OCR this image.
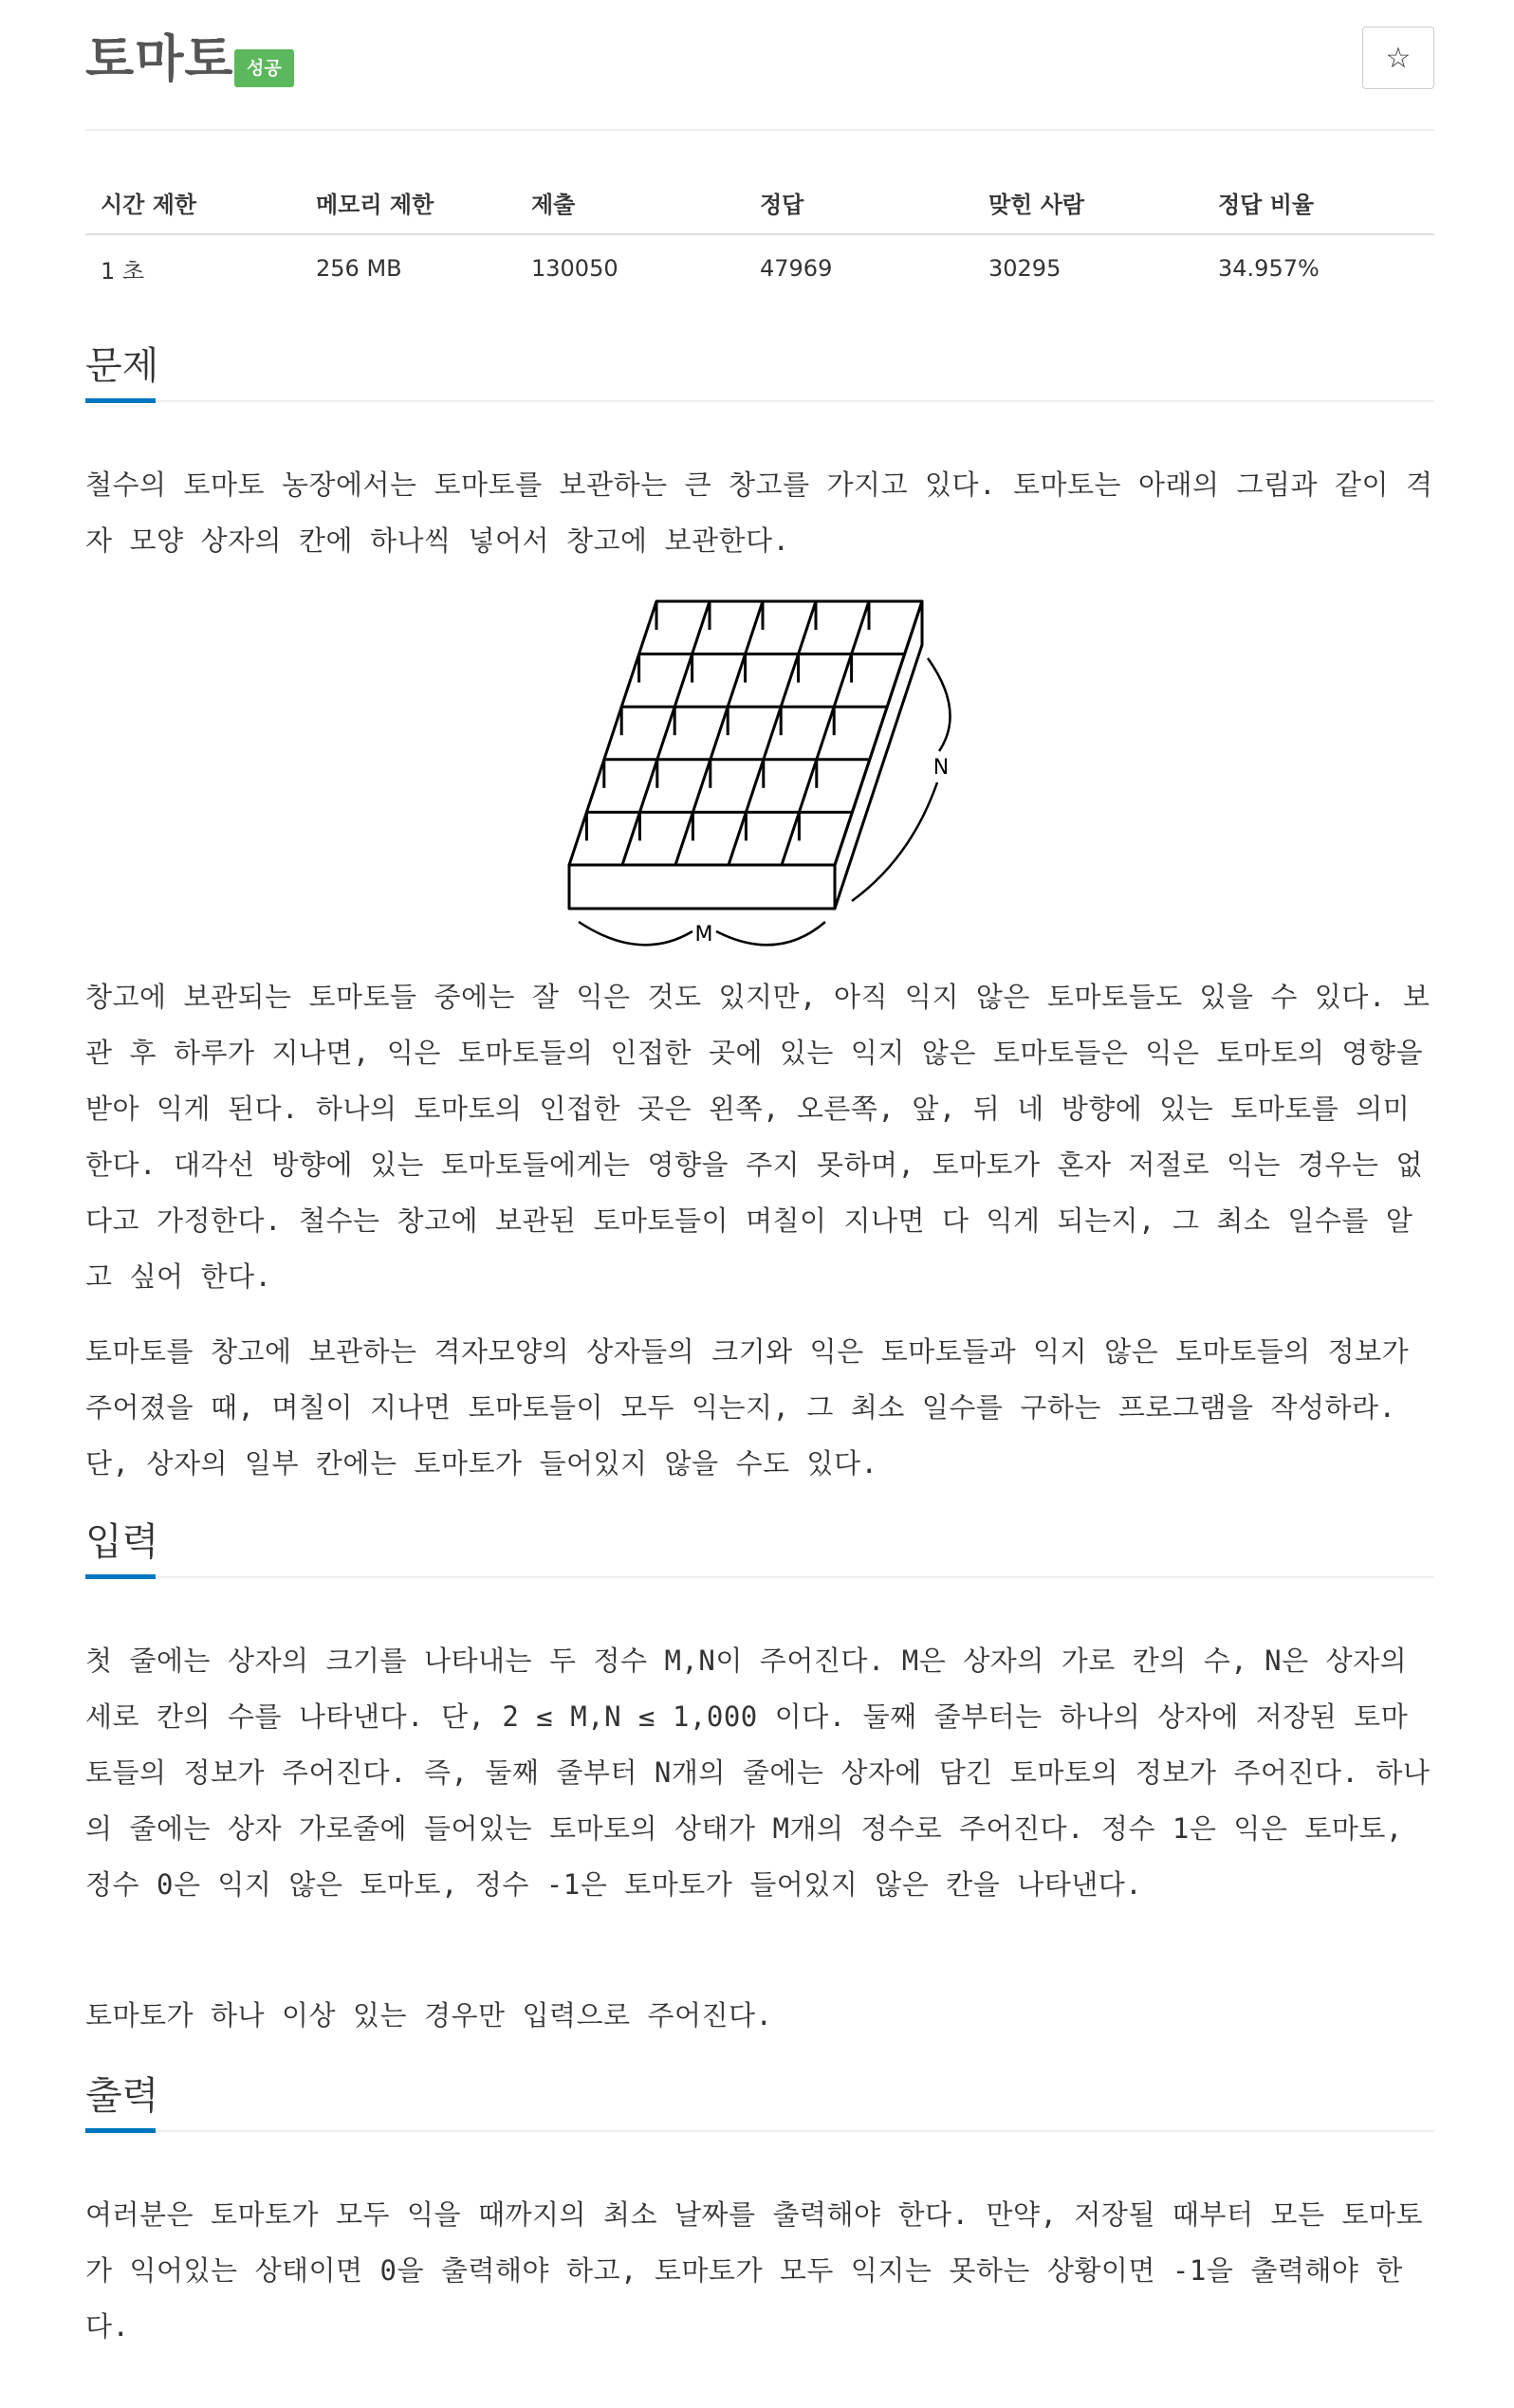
토마토 성공	☆
시간 제한	메모리 제한	제출	정답	맞힌 사람	정답 비율
1 초	256 MB	130050	47969	30295	34.957%
문제
철수의 토마토 농장에서는 토마토를 보관하는 큰 창고를 가지고 있다. 토마토는 아래의 그림과 같이 격자 모양 상자의 칸에 하나씩 넣어서 창고에 보관한다.
M
N
창고에 보관되는 토마토들 중에는 잘 익은 것도 있지만, 아직 익지 않은 토마토들도 있을 수 있다. 보관 후 하루가 지나면, 익은 토마토들의 인접한 곳에 있는 익지 않은 토마토들은 익은 토마토의 영향을 받아 익게 된다. 하나의 토마토의 인접한 곳은 왼쪽, 오른쪽, 앞, 뒤 네 방향에 있는 토마토를 의미한다. 대각선 방향에 있는 토마토들에게는 영향을 주지 못하며, 토마토가 혼자 저절로 익는 경우는 없다고 가정한다. 철수는 창고에 보관된 토마토들이 며칠이 지나면 다 익게 되는지, 그 최소 일수를 알고 싶어 한다.
토마토를 창고에 보관하는 격자모양의 상자들의 크기와 익은 토마토들과 익지 않은 토마토들의 정보가 주어졌을 때, 며칠이 지나면 토마토들이 모두 익는지, 그 최소 일수를 구하는 프로그램을 작성하라. 단, 상자의 일부 칸에는 토마토가 들어있지 않을 수도 있다.
입력
첫 줄에는 상자의 크기를 나타내는 두 정수 M,N이 주어진다. M은 상자의 가로 칸의 수, N은 상자의 세로 칸의 수를 나타낸다. 단, 2 ≤ M,N ≤ 1,000 이다. 둘째 줄부터는 하나의 상자에 저장된 토마토들의 정보가 주어진다. 즉, 둘째 줄부터 N개의 줄에는 상자에 담긴 토마토의 정보가 주어진다. 하나의 줄에는 상자 가로줄에 들어있는 토마토의 상태가 M개의 정수로 주어진다. 정수 1은 익은 토마토, 정수 0은 익지 않은 토마토, 정수 -1은 토마토가 들어있지 않은 칸을 나타낸다.
토마토가 하나 이상 있는 경우만 입력으로 주어진다.
출력
여러분은 토마토가 모두 익을 때까지의 최소 날짜를 출력해야 한다. 만약, 저장될 때부터 모든 토마토가 익어있는 상태이면 0을 출력해야 하고, 토마토가 모두 익지는 못하는 상황이면 -1을 출력해야 한다.
